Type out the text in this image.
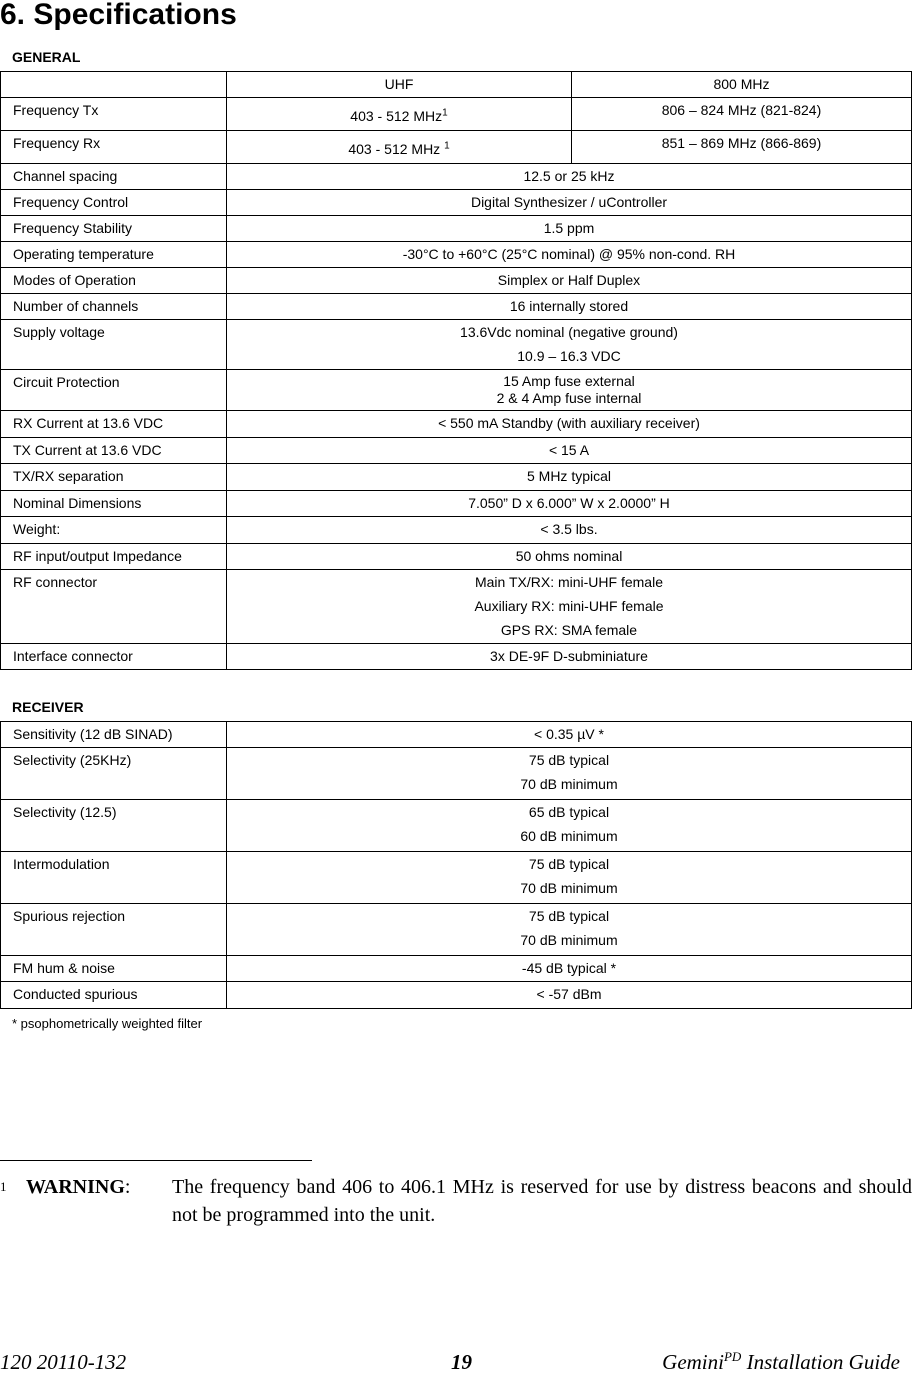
6. Specifications
GENERAL
	UHF	800 MHz
Frequency Tx	403 - 512 MHz$^1$	806 – 824 MHz (821-824)
Frequency Rx	403 - 512 MHz $^1$	851 – 869 MHz (866-869)
Channel spacing	12.5 or 25 kHz	
Frequency Control	Digital Synthesizer / uController	
Frequency Stability	1.5 ppm	
Operating temperature	-30°C to +60°C (25°C nominal) @ 95% non-cond. RH	
Modes of Operation	Simplex or Half Duplex	
Number of channels	16 internally stored	
Supply voltage	13.6Vdc nominal (negative ground)
10.9 – 16.3 VDC	

Circuit Protection	15 Amp fuse external
2 & 4 Amp fuse internal	

RX Current at 13.6 VDC	< 550 mA Standby (with auxiliary receiver)	
TX Current at 13.6 VDC	< 15 A	
TX/RX separation	5 MHz typical	
Nominal Dimensions	7.050” D x 6.000” W x 2.0000” H	
Weight:	< 3.5 lbs.	
RF input/output Impedance	50 ohms nominal	
RF connector	Main TX/RX: mini-UHF female
Auxiliary RX: mini-UHF female
GPS RX: SMA female	

Interface connector	3x DE-9F D-subminiature	
RECEIVER
Sensitivity (12 dB SINAD)	< 0.35 µV *
Selectivity (25KHz)	75 dB typical
70 dB minimum

Selectivity (12.5)	65 dB typical
60 dB minimum

Intermodulation	75 dB typical
70 dB minimum

Spurious rejection	75 dB typical
70 dB minimum

FM hum & noise	-45 dB typical *
Conducted spurious	< -57 dBm
* psophometrically weighted filter
1 WARNING: The frequency band 406 to 406.1 MHz is reserved for use by distress beacons and should not be programmed into the unit.
120 20110-132	19	Gemini$^{PD}$ Installation Guide
